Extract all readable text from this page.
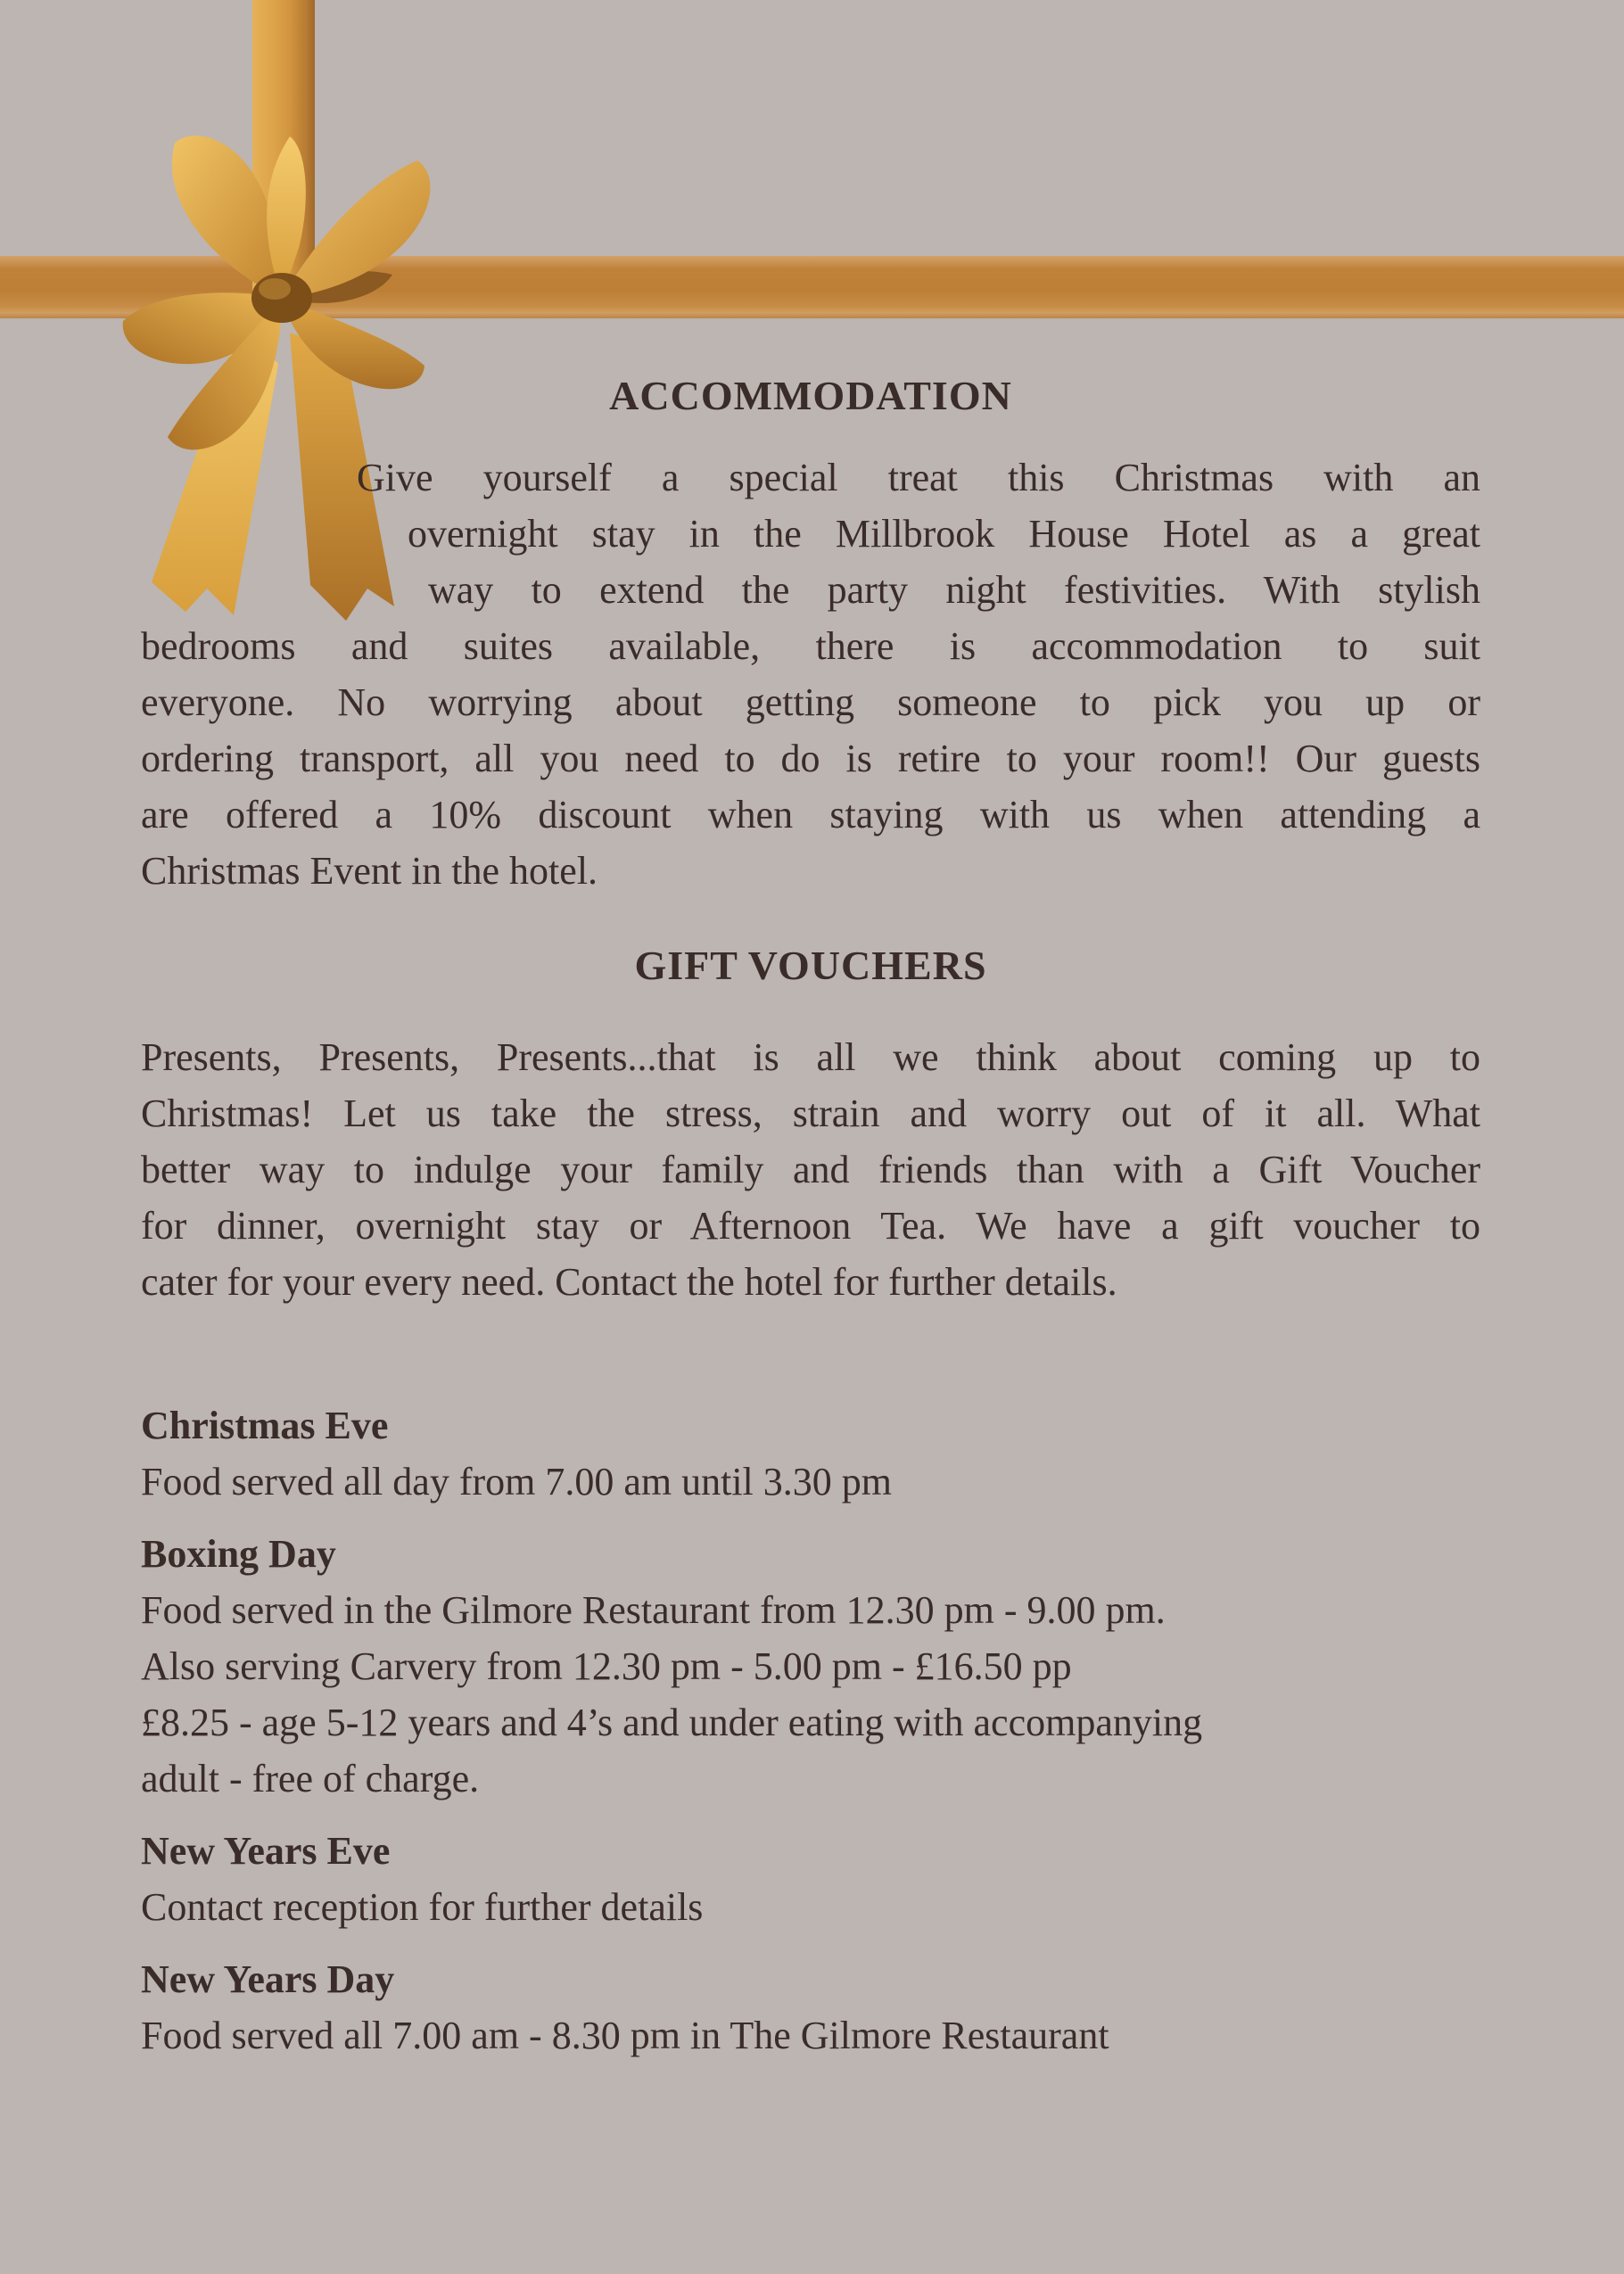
ACCOMMODATION
Give yourself a special treat this Christmas with an
overnight stay in the Millbrook House Hotel as a great
way to extend the party night festivities. With stylish
bedrooms and suites available, there is accommodation to suit
everyone. No worrying about getting someone to pick you up or
ordering transport, all you need to do is retire to your room!! Our guests
are offered a 10% discount when staying with us when attending a
Christmas Event in the hotel.
GIFT VOUCHERS
Presents, Presents, Presents...that is all we think about coming up to
Christmas! Let us take the stress, strain and worry out of it all. What
better way to indulge your family and friends than with a Gift Voucher
for dinner, overnight stay or Afternoon Tea. We have a gift voucher to
cater for your every need. Contact the hotel for further details.
Christmas Eve
Food served all day from 7.00 am until 3.30 pm
Boxing Day
Food served in the Gilmore Restaurant from 12.30 pm - 9.00 pm.
Also serving Carvery from 12.30 pm - 5.00 pm - £16.50 pp
£8.25 - age 5-12 years and 4’s and under eating with accompanying
adult - free of charge.
New Years Eve
Contact reception for further details
New Years Day
Food served all 7.00 am - 8.30 pm in The Gilmore Restaurant
